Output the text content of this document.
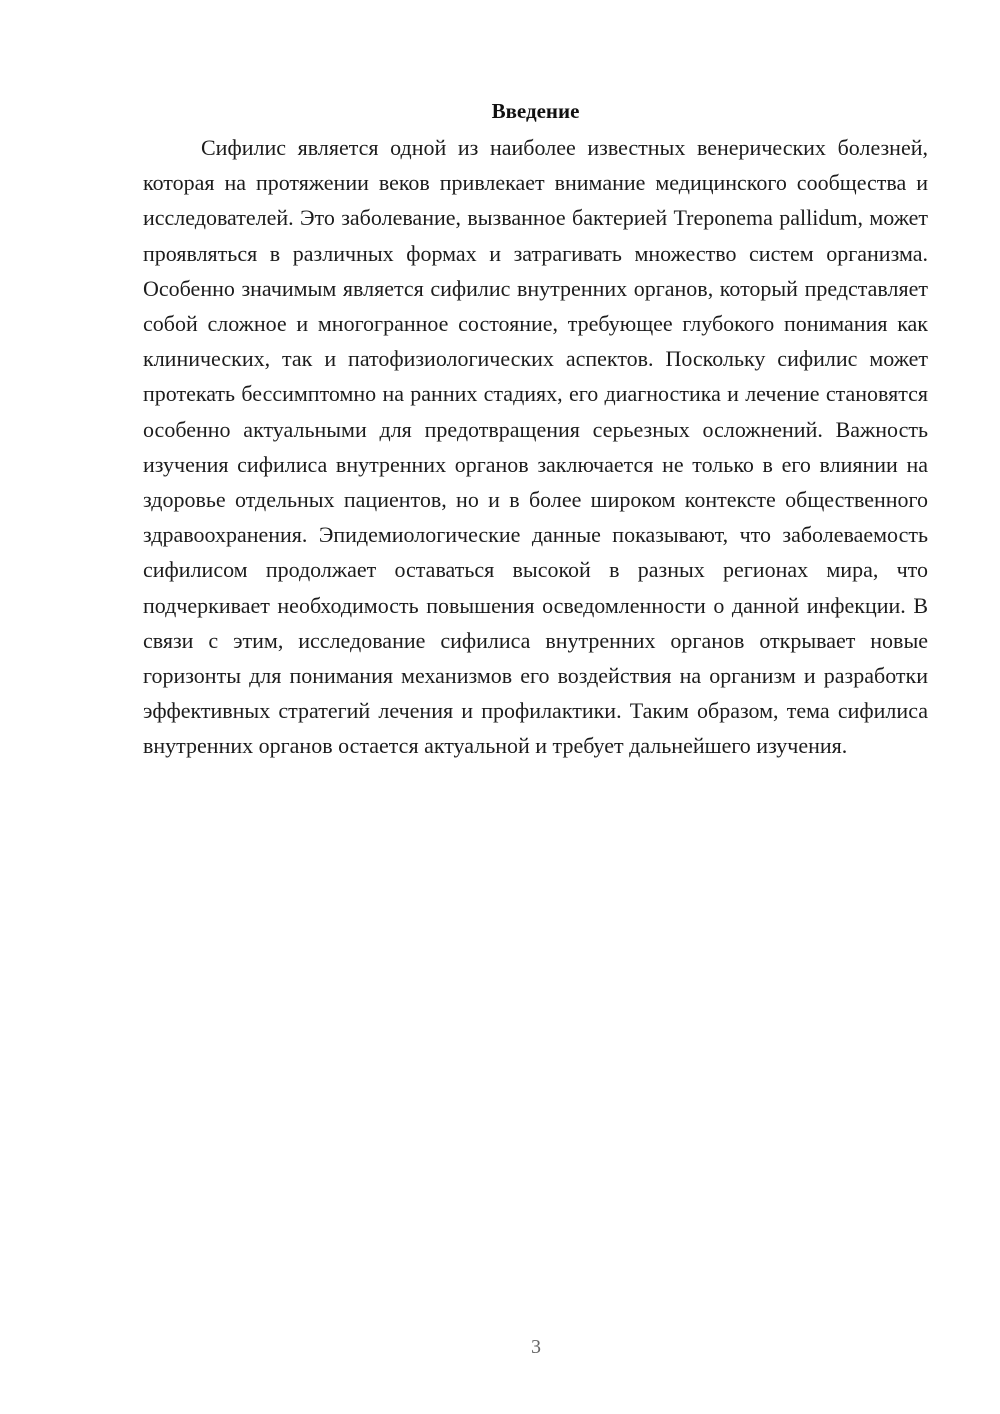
Введение

Сифилис является одной из наиболее известных венерических болезней, которая на протяжении веков привлекает внимание медицинского сообщества и исследователей. Это заболевание, вызванное бактерией Treponema pallidum, может проявляться в различных формах и затрагивать множество систем организма. Особенно значимым является сифилис внутренних органов, который представляет собой сложное и многогранное состояние, требующее глубокого понимания как клинических, так и патофизиологических аспектов. Поскольку сифилис может протекать бессимптомно на ранних стадиях, его диагностика и лечение становятся особенно актуальными для предотвращения серьезных осложнений. Важность изучения сифилиса внутренних органов заключается не только в его влиянии на здоровье отдельных пациентов, но и в более широком контексте общественного здравоохранения. Эпидемиологические данные показывают, что заболеваемость сифилисом продолжает оставаться высокой в разных регионах мира, что подчеркивает необходимость повышения осведомленности о данной инфекции. В связи с этим, исследование сифилиса внутренних органов открывает новые горизонты для понимания механизмов его воздействия на организм и разработки эффективных стратегий лечения и профилактики. Таким образом, тема сифилиса внутренних органов остается актуальной и требует дальнейшего изучения.

3
